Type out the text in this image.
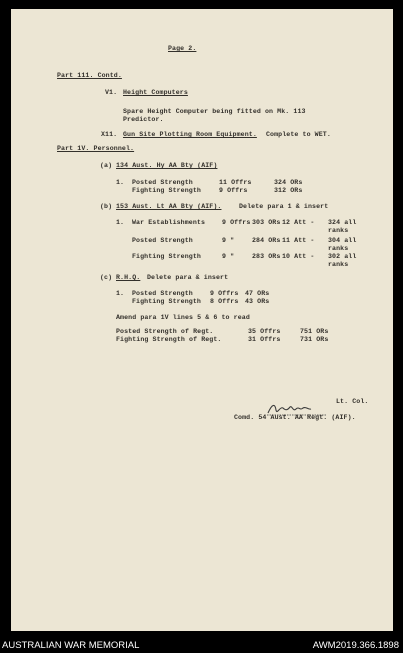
Page 2.
Part 111. Contd.
V1. Height Computers
Spare Height Computer being fitted on Mk. 113
Predictor.
X11. Gun Site Plotting Room Equipment. Complete to WET.
Part 1V. Personnel.
(a) 134 Aust. Hy AA Bty (AIF)
1. Posted Strength	11 Offrs	324 ORs
Fighting Strength	9 Offrs	312 ORs
(b) 153 Aust. Lt AA Bty (AIF).	Delete para 1 & insert
1. War Establishments	9 Offrs 303 ORs 12 Att - 324 all
ranks
Posted Strength	9 "	284 ORs 11 Att - 304 all
ranks
Fighting Strength	9 "	283 ORs 10 Att - 302 all
ranks
(c) R.H.Q. Delete para & insert
1. Posted Strength	9 Offrs 47 ORs
Fighting Strength 8 Offrs 43 ORs
Amend para 1V lines 5 & 6 to read
Posted Strength of Regt.	35 Offrs	751 ORs
Fighting Strength of Regt.	31 Offrs	731 ORs
Lt. Col.
Comd. 54 Aust. AA Regt. (AIF).
AUSTRALIAN WAR MEMORIAL	AWM2019.366.1898
